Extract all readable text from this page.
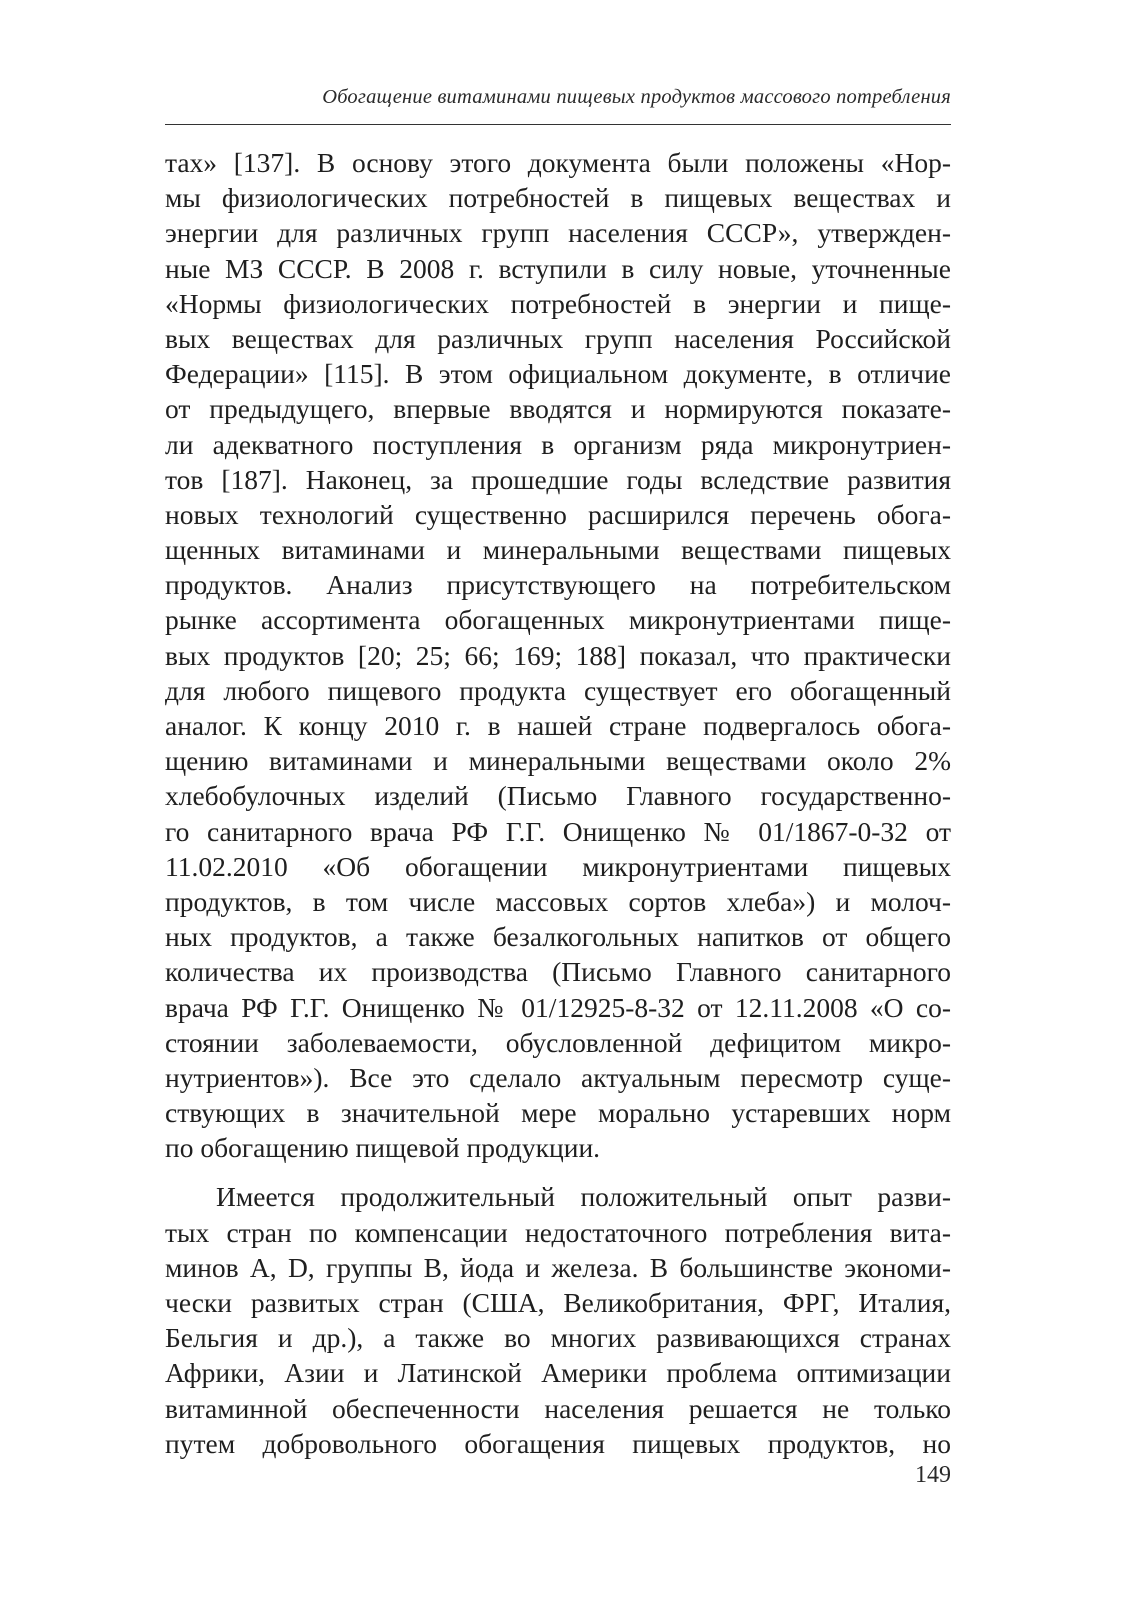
Обогащение витаминами пищевых продуктов массового потребления

тах» [137]. В основу этого документа были положены «Нор-
мы физиологических потребностей в пищевых веществах и
энергии для различных групп населения СССР», утвержден-
ные МЗ СССР. В 2008 г. вступили в силу новые, уточненные
«Нормы физиологических потребностей в энергии и пище-
вых веществах для различных групп населения Российской
Федерации» [115]. В этом официальном документе, в отличие
от предыдущего, впервые вводятся и нормируются показате-
ли адекватного поступления в организм ряда микронутриен-
тов [187]. Наконец, за прошедшие годы вследствие развития
новых технологий существенно расширился перечень обога-
щенных витаминами и минеральными веществами пищевых
продуктов. Анализ присутствующего на потребительском
рынке ассортимента обогащенных микронутриентами пище-
вых продуктов [20; 25; 66; 169; 188] показал, что практически
для любого пищевого продукта существует его обогащенный
аналог. К концу 2010 г. в нашей стране подвергалось обога-
щению витаминами и минеральными веществами около 2%
хлебобулочных изделий (Письмо Главного государственно-
го санитарного врача РФ Г.Г. Онищенко № 01/1867-0-32 от
11.02.2010 «Об обогащении микронутриентами пищевых
продуктов, в том числе массовых сортов хлеба») и молоч-
ных продуктов, а также безалкогольных напитков от общего
количества их производства (Письмо Главного санитарного
врача РФ Г.Г. Онищенко № 01/12925-8-32 от 12.11.2008 «О со-
стоянии заболеваемости, обусловленной дефицитом микро-
нутриентов»). Все это сделало актуальным пересмотр суще-
ствующих в значительной мере морально устаревших норм
по обогащению пищевой продукции.

Имеется продолжительный положительный опыт разви-
тых стран по компенсации недостаточного потребления вита-
минов А, D, группы В, йода и железа. В большинстве экономи-
чески развитых стран (США, Великобритания, ФРГ, Италия,
Бельгия и др.), а также во многих развивающихся странах
Африки, Азии и Латинской Америки проблема оптимизации
витаминной обеспеченности населения решается не только
путем добровольного обогащения пищевых продуктов, но

149
